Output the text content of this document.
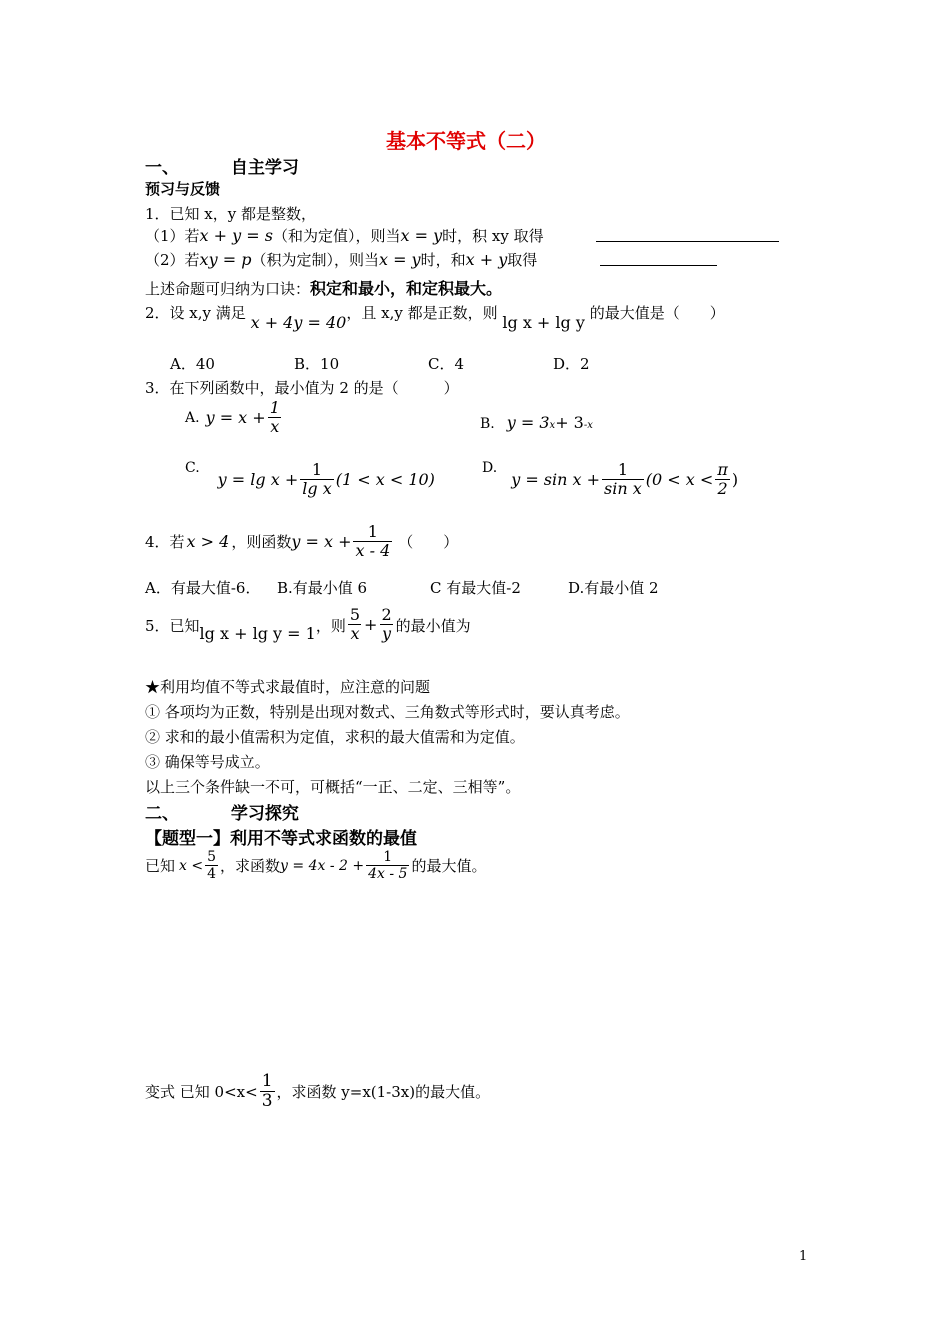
基本不等式（二）
一、	自主学习
预习与反馈
1．已知 x，y 都是整数，
（1）若x + y = s（和为定值），则当x = y时，积 xy 取得
（2）若xy = p（积为定制），则当x = y时，和x + y取得
上述命题可归纳为口诀：积定和最小，和定积最大。
2．设 x,y 满足 x + 4y = 40，且 x,y 都是正数，则 lg x + lg y 的最大值是（　　）
A．40	B．10	C．4	D．2
3．在下列函数中，最小值为 2 的是（　　　）
A. $y = x + \frac{1}{x}$	B. $y = 3_x + 3_{-x}$
C.
$y = \lg x + \frac{1}{\text{lg x}} (1 < x < 10)$
D.
$y = \sin x + \frac{1}{\text{sin x}} (0 < x < \frac{\pi}{2}$ )
4．若 x > 4 ，则函数 $y = x + \frac{1}{x - 4}$ （　　）
A．有最大值-6． B.有最小值 6	C 有最大值-2	D.有最小值 2
5．已知 lg x + lg y = 1 ，则 $\frac{5}{x} + \frac{2}{y}$ 的最小值为
★利用均值不等式求最值时，应注意的问题
① 各项均为正数，特别是出现对数式、三角数式等形式时，要认真考虑。
② 求和的最小值需积为定值，求积的最大值需和为定值。
③ 确保等号成立。
以上三个条件缺一不可，可概括“一正、二定、三相等”。
二、	学习探究
【题型一】利用不等式求函数的最值
已知 $x < \frac{5}{4}$ ，求函数 $y = 4x - 2 + \frac{1}{4x - 5}$ 的最大值。
变式 已知 $0<x< \frac{1}{3}$ ，求函数 y=x(1-3x)的最大值。
1
